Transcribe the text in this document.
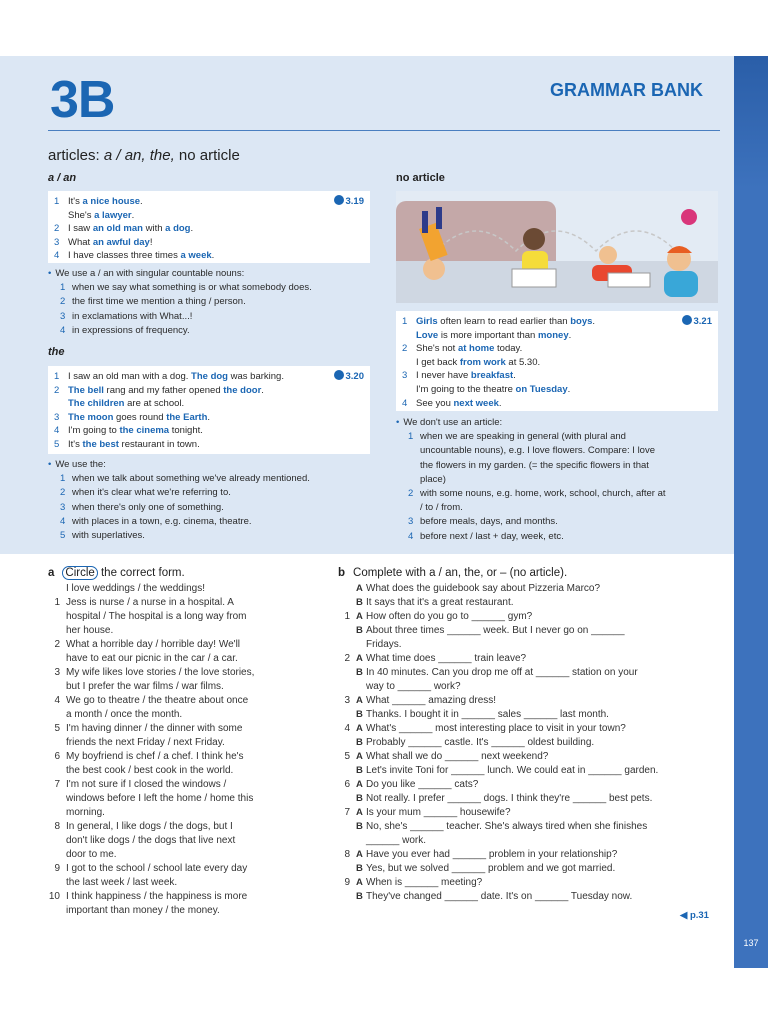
3B	GRAMMAR BANK
articles: a / an, the, no article
a / an	no article
3.19
1 It's a nice house.
She's a lawyer.
2 I saw an old man with a dog.
3 What an awful day!
4 I have classes three times a week.
• We use a / an with singular countable nouns:
1 when we say what something is or what somebody does.
2 the first time we mention a thing / person.
3 in exclamations with What...!
4 in expressions of frequency.
the
3.20
1 I saw an old man with a dog. The dog was barking.
2 The bell rang and my father opened the door.
The children are at school.
3 The moon goes round the Earth.
4 I'm going to the cinema tonight.
5 It's the best restaurant in town.
• We use the:
1 when we talk about something we've already mentioned.
2 when it's clear what we're referring to.
3 when there's only one of something.
4 with places in a town, e.g. cinema, theatre.
5 with superlatives.
3.21
1 Girls often learn to read earlier than boys.
Love is more important than money.
2 She's not at home today.
I get back from work at 5.30.
3 I never have breakfast.
I'm going to the theatre on Tuesday.
4 See you next week.
• We don't use an article:
1 when we are speaking in general (with plural and
uncountable nouns), e.g. I love flowers. Compare: I love
the flowers in my garden. (= the specific flowers in that
place)
2 with some nouns, e.g. home, work, school, church, after at
/ to / from.
3 before meals, days, and months.
4 before next / last + day, week, etc.
a Circle the correct form.
I love weddings / the weddings!
1 Jess is nurse / a nurse in a hospital. A
hospital / The hospital is a long way from
her house.
2 What a horrible day / horrible day! We'll
have to eat our picnic in the car / a car.
3 My wife likes love stories / the love stories,
but I prefer the war films / war films.
4 We go to theatre / the theatre about once
a month / once the month.
5 I'm having dinner / the dinner with some
friends the next Friday / next Friday.
6 My boyfriend is chef / a chef. I think he's
the best cook / best cook in the world.
7 I'm not sure if I closed the windows /
windows before I left the home / home this
morning.
8 In general, I like dogs / the dogs, but I
don't like dogs / the dogs that live next
door to me.
9 I got to the school / school late every day
the last week / last week.
10 I think happiness / the happiness is more
important than money / the money.
b Complete with a / an, the, or – (no article).
A What does the guidebook say about Pizzeria Marco?
B It says that it's a great restaurant.
1 A How often do you go to ______ gym?
B About three times ______ week. But I never go on ______
Fridays.
2 A What time does ______ train leave?
B In 40 minutes. Can you drop me off at ______ station on your
way to ______ work?
3 A What ______ amazing dress!
B Thanks. I bought it in ______ sales ______ last month.
4 A What's ______ most interesting place to visit in your town?
B Probably ______ castle. It's ______ oldest building.
5 A What shall we do ______ next weekend?
B Let's invite Toni for ______ lunch. We could eat in ______ garden.
6 A Do you like ______ cats?
B Not really. I prefer ______ dogs. I think they're ______ best pets.
7 A Is your mum ______ housewife?
B No, she's ______ teacher. She's always tired when she finishes
______ work.
8 A Have you ever had ______ problem in your relationship?
B Yes, but we solved ______ problem and we got married.
9 A When is ______ meeting?
B They've changed ______ date. It's on ______ Tuesday now.
◀ p.31
137
